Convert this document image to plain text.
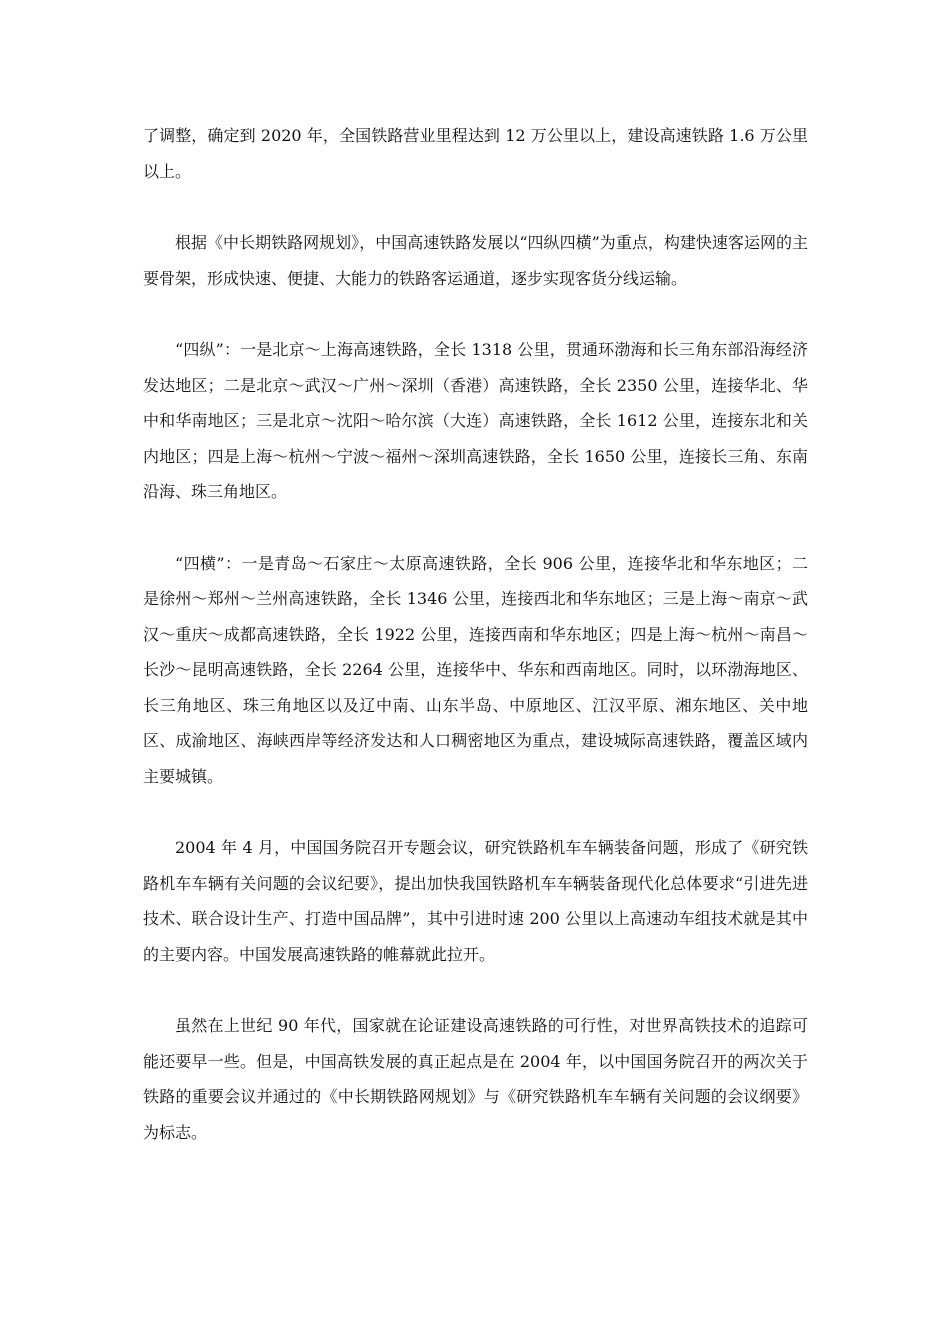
了调整，确定到 2020 年，全国铁路营业里程达到 12 万公里以上，建设高速铁路 1.6 万公里以上。

根据《中长期铁路网规划》，中国高速铁路发展以“四纵四横”为重点，构建快速客运网的主要骨架，形成快速、便捷、大能力的铁路客运通道，逐步实现客货分线运输。

“四纵”：一是北京～上海高速铁路，全长 1318 公里，贯通环渤海和长三角东部沿海经济发达地区；二是北京～武汉～广州～深圳（香港）高速铁路，全长 2350 公里，连接华北、华中和华南地区；三是北京～沈阳～哈尔滨（大连）高速铁路，全长 1612 公里，连接东北和关内地区；四是上海～杭州～宁波～福州～深圳高速铁路，全长 1650 公里，连接长三角、东南沿海、珠三角地区。

“四横”：一是青岛～石家庄～太原高速铁路，全长 906 公里，连接华北和华东地区；二是徐州～郑州～兰州高速铁路，全长 1346 公里，连接西北和华东地区；三是上海～南京～武汉～重庆～成都高速铁路，全长 1922 公里，连接西南和华东地区；四是上海～杭州～南昌～长沙～昆明高速铁路，全长 2264 公里，连接华中、华东和西南地区。同时，以环渤海地区、长三角地区、珠三角地区以及辽中南、山东半岛、中原地区、江汉平原、湘东地区、关中地区、成渝地区、海峡西岸等经济发达和人口稠密地区为重点，建设城际高速铁路，覆盖区域内主要城镇。

2004 年 4 月，中国国务院召开专题会议，研究铁路机车车辆装备问题，形成了《研究铁路机车车辆有关问题的会议纪要》，提出加快我国铁路机车车辆装备现代化总体要求“引进先进技术、联合设计生产、打造中国品牌”，其中引进时速 200 公里以上高速动车组技术就是其中的主要内容。中国发展高速铁路的帷幕就此拉开。

虽然在上世纪 90 年代，国家就在论证建设高速铁路的可行性，对世界高铁技术的追踪可能还要早一些。但是，中国高铁发展的真正起点是在 2004 年，以中国国务院召开的两次关于铁路的重要会议并通过的《中长期铁路网规划》与《研究铁路机车车辆有关问题的会议纲要》为标志。
